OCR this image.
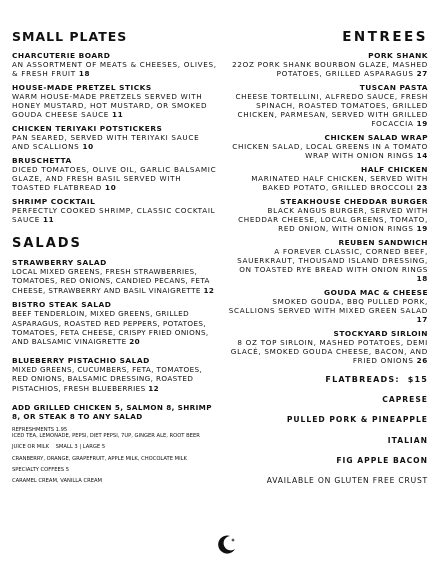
SMALL PLATES
CHARCUTERIE BOARD
AN ASSORTMENT OF MEATS & CHEESES, OLIVES, & FRESH FRUIT 18
HOUSE-MADE PRETZEL STICKS
WARM HOUSE-MADE PRETZELS SERVED WITH HONEY MUSTARD, HOT MUSTARD, OR SMOKED GOUDA CHEESE SAUCE 11
CHICKEN TERIYAKI POTSTICKERS
PAN SEARED, SERVED WITH TERIYAKI SAUCE AND SCALLIONS 10
BRUSCHETTA
DICED TOMATOES, OLIVE OIL, GARLIC BALSAMIC GLAZE, AND FRESH BASIL SERVED WITH TOASTED FLATBREAD 10
SHRIMP COCKTAIL
PERFECTLY COOKED SHRIMP, CLASSIC COCKTAIL SAUCE 11
SALADS
STRAWBERRY SALAD
LOCAL MIXED GREENS, FRESH STRAWBERRIES, TOMATOES, RED ONIONS, CANDIED PECANS, FETA CHEESE, STRAWBERRY AND BASIL VINAIGRETTE 12
BISTRO STEAK SALAD
BEEF TENDERLOIN, MIXED GREENS, GRILLED ASPARAGUS, ROASTED RED PEPPERS, POTATOES, TOMATOES, FETA CHEESE, CRISPY FRIED ONIONS, AND BALSAMIC VINAIGRETTE 20
BLUEBERRY PISTACHIO SALAD
MIXED GREENS, CUCUMBERS, FETA, TOMATOES, RED ONIONS, BALSAMIC DRESSING, ROASTED PISTACHIOS, FRESH BLUEBERRIES 12
ADD GRILLED CHICKEN 5, SALMON 8, SHRIMP 8, OR STEAK 8 TO ANY SALAD
REFRESHMENTS 1.95
ICED TEA, LEMONADE, PEPSI, DIET PEPSI, 7UP, GINGER ALE, ROOT BEER
JUICE OR MILK    SMALL 3 | LARGE 5
CRANBERRY, ORANGE, GRAPEFRUIT, APPLE MILK, CHOCOLATE MILK
SPECIALTY COFFEES 5
CARAMEL CREAM, VANILLA CREAM
ENTREES
PORK SHANK
22OZ PORK SHANK BOURBON GLAZE, MASHED POTATOES, GRILLED ASPARAGUS 27
TUSCAN PASTA
CHEESE TORTELLINI, ALFREDO SAUCE, FRESH SPINACH, ROASTED TOMATOES, GRILLED CHICKEN, PARMESAN, SERVED WITH GRILLED FOCACCIA 19
CHICKEN SALAD WRAP
CHICKEN SALAD, LOCAL GREENS IN A TOMATO WRAP WITH ONION RINGS 14
HALF CHICKEN
MARINATED HALF CHICKEN, SERVED WITH BAKED POTATO, GRILLED BROCCOLI 23
STEAKHOUSE CHEDDAR BURGER
BLACK ANGUS BURGER, SERVED WITH CHEDDAR CHEESE, LOCAL GREENS, TOMATO, RED ONION, WITH ONION RINGS 19
REUBEN SANDWICH
A FOREVER CLASSIC, CORNED BEEF, SAUERKRAUT, THOUSAND ISLAND DRESSING, ON TOASTED RYE BREAD WITH ONION RINGS 18
GOUDA MAC & CHEESE
SMOKED GOUDA, BBQ PULLED PORK, SCALLIONS SERVED WITH MIXED GREEN SALAD 17
STOCKYARD SIRLOIN
8 OZ TOP SIRLOIN, MASHED POTATOES, DEMI GLACÉ, SMOKED GOUDA CHEESE, BACON, AND FRIED ONIONS 26
FLATBREADS:  $15
CAPRESE
PULLED PORK & PINEAPPLE
ITALIAN
FIG APPLE BACON
AVAILABLE ON GLUTEN FREE CRUST
